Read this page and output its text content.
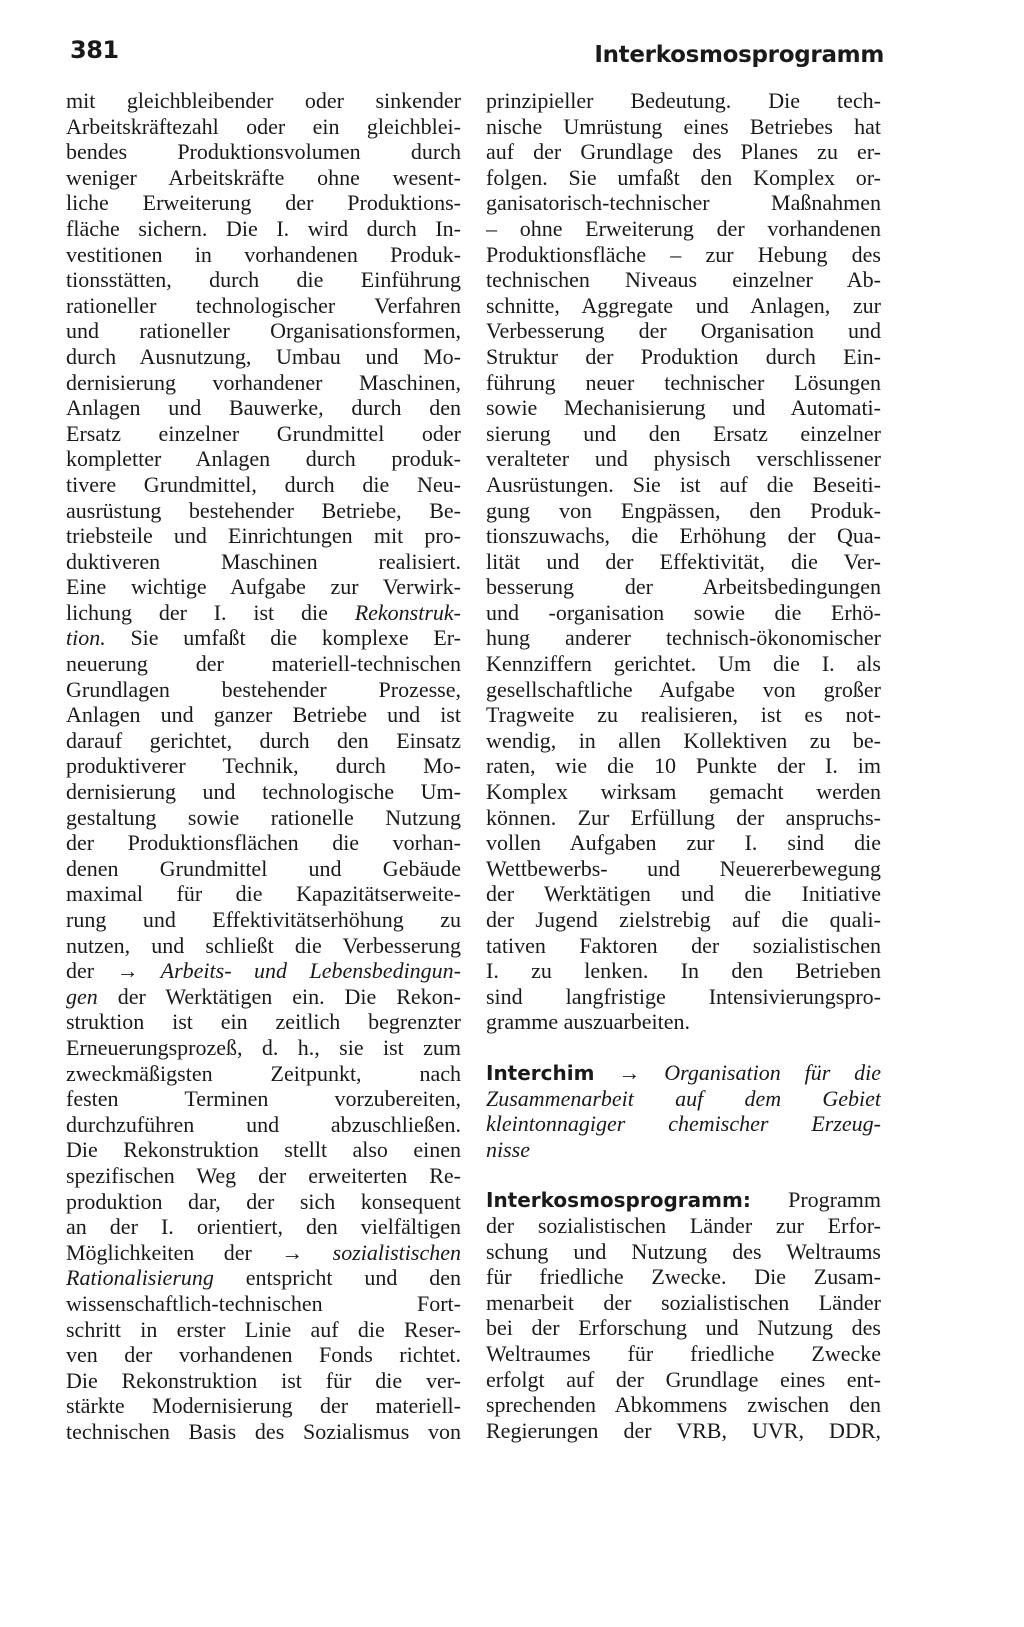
381	Interkosmosprogramm
mit gleichbleibender oder sinkender
Arbeitskräftezahl oder ein gleichblei-
bendes Produktionsvolumen durch
weniger Arbeitskräfte ohne wesent-
liche Erweiterung der Produktions-
fläche sichern. Die I. wird durch In-
vestitionen in vorhandenen Produk-
tionsstätten, durch die Einführung
rationeller technologischer Verfahren
und rationeller Organisationsformen,
durch Ausnutzung, Umbau und Mo-
dernisierung vorhandener Maschinen,
Anlagen und Bauwerke, durch den
Ersatz einzelner Grundmittel oder
kompletter Anlagen durch produk-
tivere Grundmittel, durch die Neu-
ausrüstung bestehender Betriebe, Be-
triebsteile und Einrichtungen mit pro-
duktiveren Maschinen realisiert.
Eine wichtige Aufgabe zur Verwirk-
lichung der I. ist die Rekonstruk-
tion. Sie umfaßt die komplexe Er-
neuerung der materiell-technischen
Grundlagen bestehender Prozesse,
Anlagen und ganzer Betriebe und ist
darauf gerichtet, durch den Einsatz
produktiverer Technik, durch Mo-
dernisierung und technologische Um-
gestaltung sowie rationelle Nutzung
der Produktionsflächen die vorhan-
denen Grundmittel und Gebäude
maximal für die Kapazitätserweite-
rung und Effektivitätserhöhung zu
nutzen, und schließt die Verbesserung
der → Arbeits- und Lebensbedingun-
gen der Werktätigen ein. Die Rekon-
struktion ist ein zeitlich begrenzter
Erneuerungsprozeß, d. h., sie ist zum
zweckmäßigsten Zeitpunkt, nach
festen Terminen vorzubereiten,
durchzuführen und abzuschließen.
Die Rekonstruktion stellt also einen
spezifischen Weg der erweiterten Re-
produktion dar, der sich konsequent
an der I. orientiert, den vielfältigen
Möglichkeiten der → sozialistischen
Rationalisierung entspricht und den
wissenschaftlich-technischen Fort-
schritt in erster Linie auf die Reser-
ven der vorhandenen Fonds richtet.
Die Rekonstruktion ist für die ver-
stärkte Modernisierung der materiell-
technischen Basis des Sozialismus von
prinzipieller Bedeutung. Die tech-
nische Umrüstung eines Betriebes hat
auf der Grundlage des Planes zu er-
folgen. Sie umfaßt den Komplex or-
ganisatorisch-technischer Maßnahmen
– ohne Erweiterung der vorhandenen
Produktionsfläche – zur Hebung des
technischen Niveaus einzelner Ab-
schnitte, Aggregate und Anlagen, zur
Verbesserung der Organisation und
Struktur der Produktion durch Ein-
führung neuer technischer Lösungen
sowie Mechanisierung und Automati-
sierung und den Ersatz einzelner
veralteter und physisch verschlissener
Ausrüstungen. Sie ist auf die Beseiti-
gung von Engpässen, den Produk-
tionszuwachs, die Erhöhung der Qua-
lität und der Effektivität, die Ver-
besserung der Arbeitsbedingungen
und -organisation sowie die Erhö-
hung anderer technisch-ökonomischer
Kennziffern gerichtet. Um die I. als
gesellschaftliche Aufgabe von großer
Tragweite zu realisieren, ist es not-
wendig, in allen Kollektiven zu be-
raten, wie die 10 Punkte der I. im
Komplex wirksam gemacht werden
können. Zur Erfüllung der anspruchs-
vollen Aufgaben zur I. sind die
Wettbewerbs- und Neuererbewegung
der Werktätigen und die Initiative
der Jugend zielstrebig auf die quali-
tativen Faktoren der sozialistischen
I. zu lenken. In den Betrieben
sind langfristige Intensivierungspro-
gramme auszuarbeiten.
Interchim → Organisation für die
Zusammenarbeit auf dem Gebiet
kleintonnagiger chemischer Erzeug-
nisse
Interkosmosprogramm: Programm
der sozialistischen Länder zur Erfor-
schung und Nutzung des Weltraums
für friedliche Zwecke. Die Zusam-
menarbeit der sozialistischen Länder
bei der Erforschung und Nutzung des
Weltraumes für friedliche Zwecke
erfolgt auf der Grundlage eines ent-
sprechenden Abkommens zwischen den
Regierungen der VRB, UVR, DDR,
